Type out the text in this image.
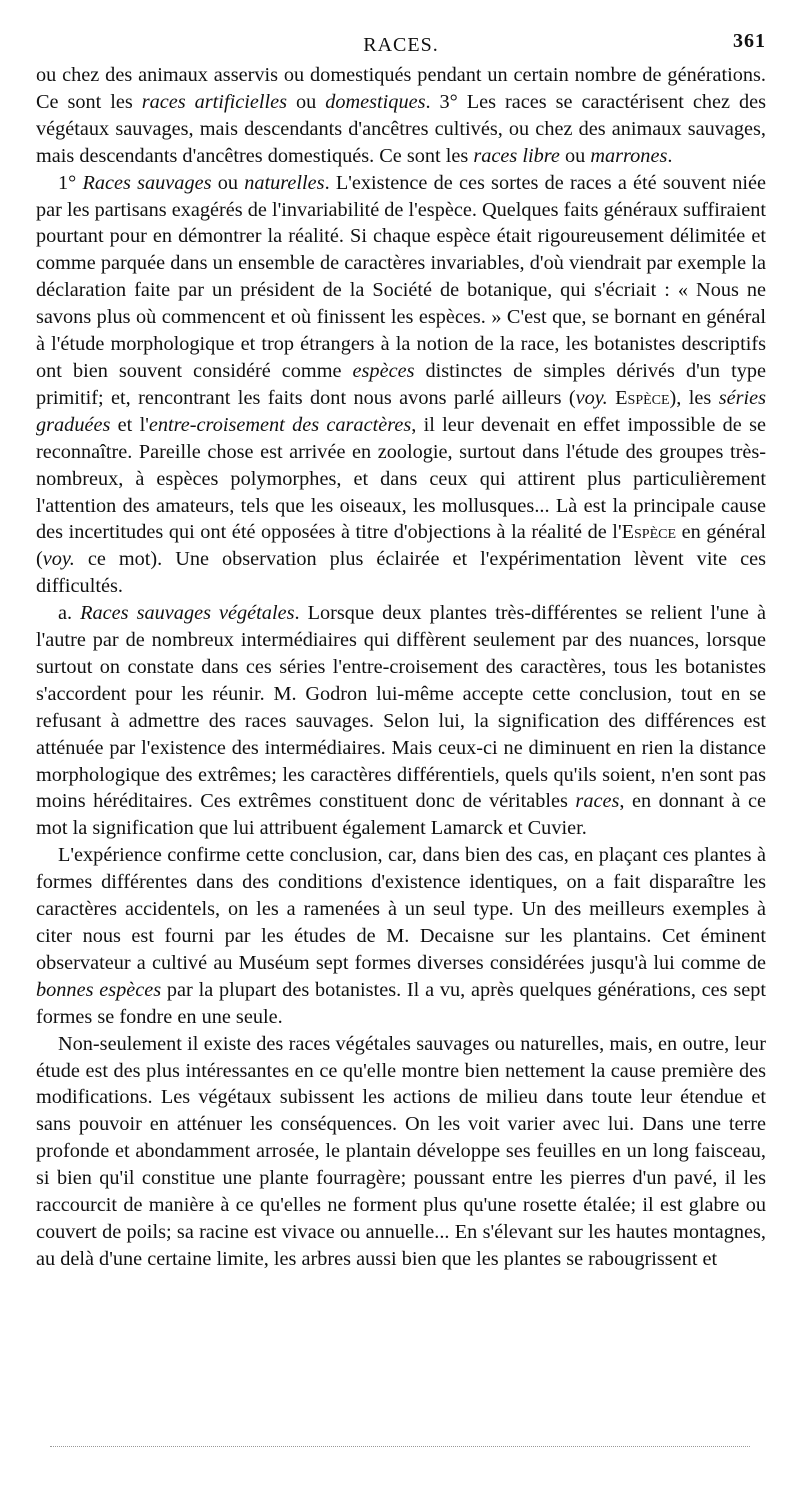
RACES.	361

ou chez des animaux asservis ou domestiqués pendant un certain nombre de générations. Ce sont les races artificielles ou domestiques. 3° Les races se caractérisent chez des végétaux sauvages, mais descendants d'ancêtres cultivés, ou chez des animaux sauvages, mais descendants d'ancêtres domestiqués. Ce sont les races libre ou marrones.

1° Races sauvages ou naturelles. L'existence de ces sortes de races a été souvent niée par les partisans exagérés de l'invariabilité de l'espèce. Quelques faits généraux suffiraient pourtant pour en démontrer la réalité. Si chaque espèce était rigoureusement délimitée et comme parquée dans un ensemble de caractères invariables, d'où viendrait par exemple la déclaration faite par un président de la Société de botanique, qui s'écriait : « Nous ne savons plus où commencent et où finissent les espèces. » C'est que, se bornant en général à l'étude morphologique et trop étrangers à la notion de la race, les botanistes descriptifs ont bien souvent considéré comme espèces distinctes de simples dérivés d'un type primitif; et, rencontrant les faits dont nous avons parlé ailleurs (voy. Espèce), les séries graduées et l'entre-croisement des caractères, il leur devenait en effet impossible de se reconnaître. Pareille chose est arrivée en zoologie, surtout dans l'étude des groupes très-nombreux, à espèces polymorphes, et dans ceux qui attirent plus particulièrement l'attention des amateurs, tels que les oiseaux, les mollusques... Là est la principale cause des incertitudes qui ont été opposées à titre d'objections à la réalité de l'Espèce en général (voy. ce mot). Une observation plus éclairée et l'expérimentation lèvent vite ces difficultés.

a. Races sauvages végétales. Lorsque deux plantes très-différentes se relient l'une à l'autre par de nombreux intermédiaires qui diffèrent seulement par des nuances, lorsque surtout on constate dans ces séries l'entre-croisement des caractères, tous les botanistes s'accordent pour les réunir. M. Godron lui-même accepte cette conclusion, tout en se refusant à admettre des races sauvages. Selon lui, la signification des différences est atténuée par l'existence des intermédiaires. Mais ceux-ci ne diminuent en rien la distance morphologique des extrêmes; les caractères différentiels, quels qu'ils soient, n'en sont pas moins héréditaires. Ces extrêmes constituent donc de véritables races, en donnant à ce mot la signification que lui attribuent également Lamarck et Cuvier.

L'expérience confirme cette conclusion, car, dans bien des cas, en plaçant ces plantes à formes différentes dans des conditions d'existence identiques, on a fait disparaître les caractères accidentels, on les a ramenées à un seul type. Un des meilleurs exemples à citer nous est fourni par les études de M. Decaisne sur les plantains. Cet éminent observateur a cultivé au Muséum sept formes diverses considérées jusqu'à lui comme de bonnes espèces par la plupart des botanistes. Il a vu, après quelques générations, ces sept formes se fondre en une seule.

Non-seulement il existe des races végétales sauvages ou naturelles, mais, en outre, leur étude est des plus intéressantes en ce qu'elle montre bien nettement la cause première des modifications. Les végétaux subissent les actions de milieu dans toute leur étendue et sans pouvoir en atténuer les conséquences. On les voit varier avec lui. Dans une terre profonde et abondamment arrosée, le plantain développe ses feuilles en un long faisceau, si bien qu'il constitue une plante fourragère; poussant entre les pierres d'un pavé, il les raccourcit de manière à ce qu'elles ne forment plus qu'une rosette étalée; il est glabre ou couvert de poils; sa racine est vivace ou annuelle... En s'élevant sur les hautes montagnes, au delà d'une certaine limite, les arbres aussi bien que les plantes se rabougrissent et
